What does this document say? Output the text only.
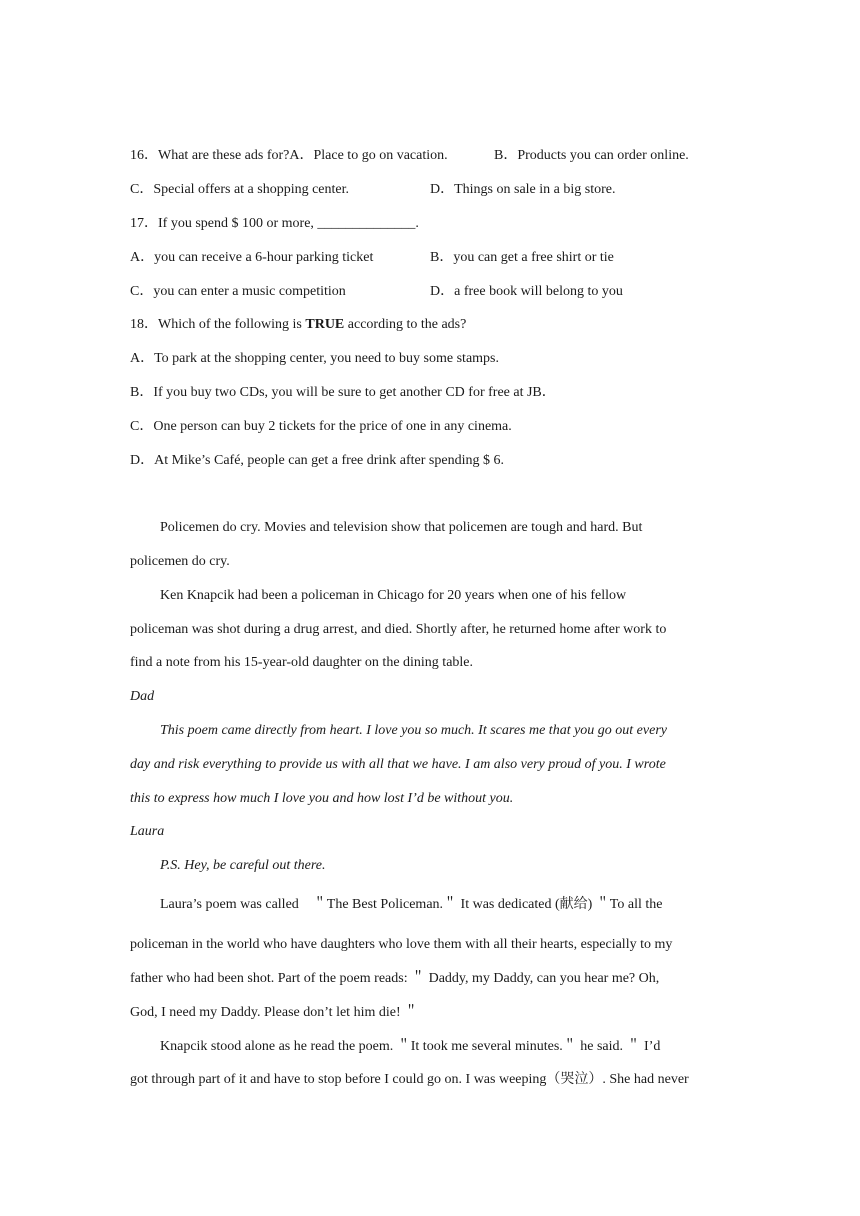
16．What are these ads for?A．Place to go on vacation.	B．Products you can order online.
C．Special offers at a shopping center.	D．Things on sale in a big store.
17．If you spend $ 100 or more, ______________.
A．you can receive a 6-hour parking ticket	B．you can get a free shirt or tie
C．you can enter a music competition	D．a free book will belong to you
18．Which of the following is TRUE according to the ads?
A．To park at the shopping center, you need to buy some stamps.
B．If you buy two CDs, you will be sure to get another CD for free at JB．
C．One person can buy 2 tickets for the price of one in any cinema.
D．At Mike’s Café, people can get a free drink after spending $ 6.
Policemen do cry. Movies and television show that policemen are tough and hard. But
policemen do cry.
Ken Knapcik had been a policeman in Chicago for 20 years when one of his fellow
policeman was shot during a drug arrest, and died. Shortly after, he returned home after work to
find a note from his 15-year-old daughter on the dining table.
Dad
This poem came directly from heart. I love you so much. It scares me that you go out every
day and risk everything to provide us with all that we have. I am also very proud of you. I wrote
this to express how much I love you and how lost I’d be without you.
Laura
P.S. Hey, be careful out there.
Laura’s poem was called　＂The Best Policeman.＂ It was dedicated (献给) ＂To all the
policeman in the world who have daughters who love them with all their hearts, especially to my
father who had been shot. Part of the poem reads: ＂ Daddy, my Daddy, can you hear me? Oh,
God, I need my Daddy. Please don’t let him die! ＂
Knapcik stood alone as he read the poem. ＂It took me several minutes.＂ he said. ＂ I’d
got through part of it and have to stop before I could go on. I was weeping（哭泣）. She had never
